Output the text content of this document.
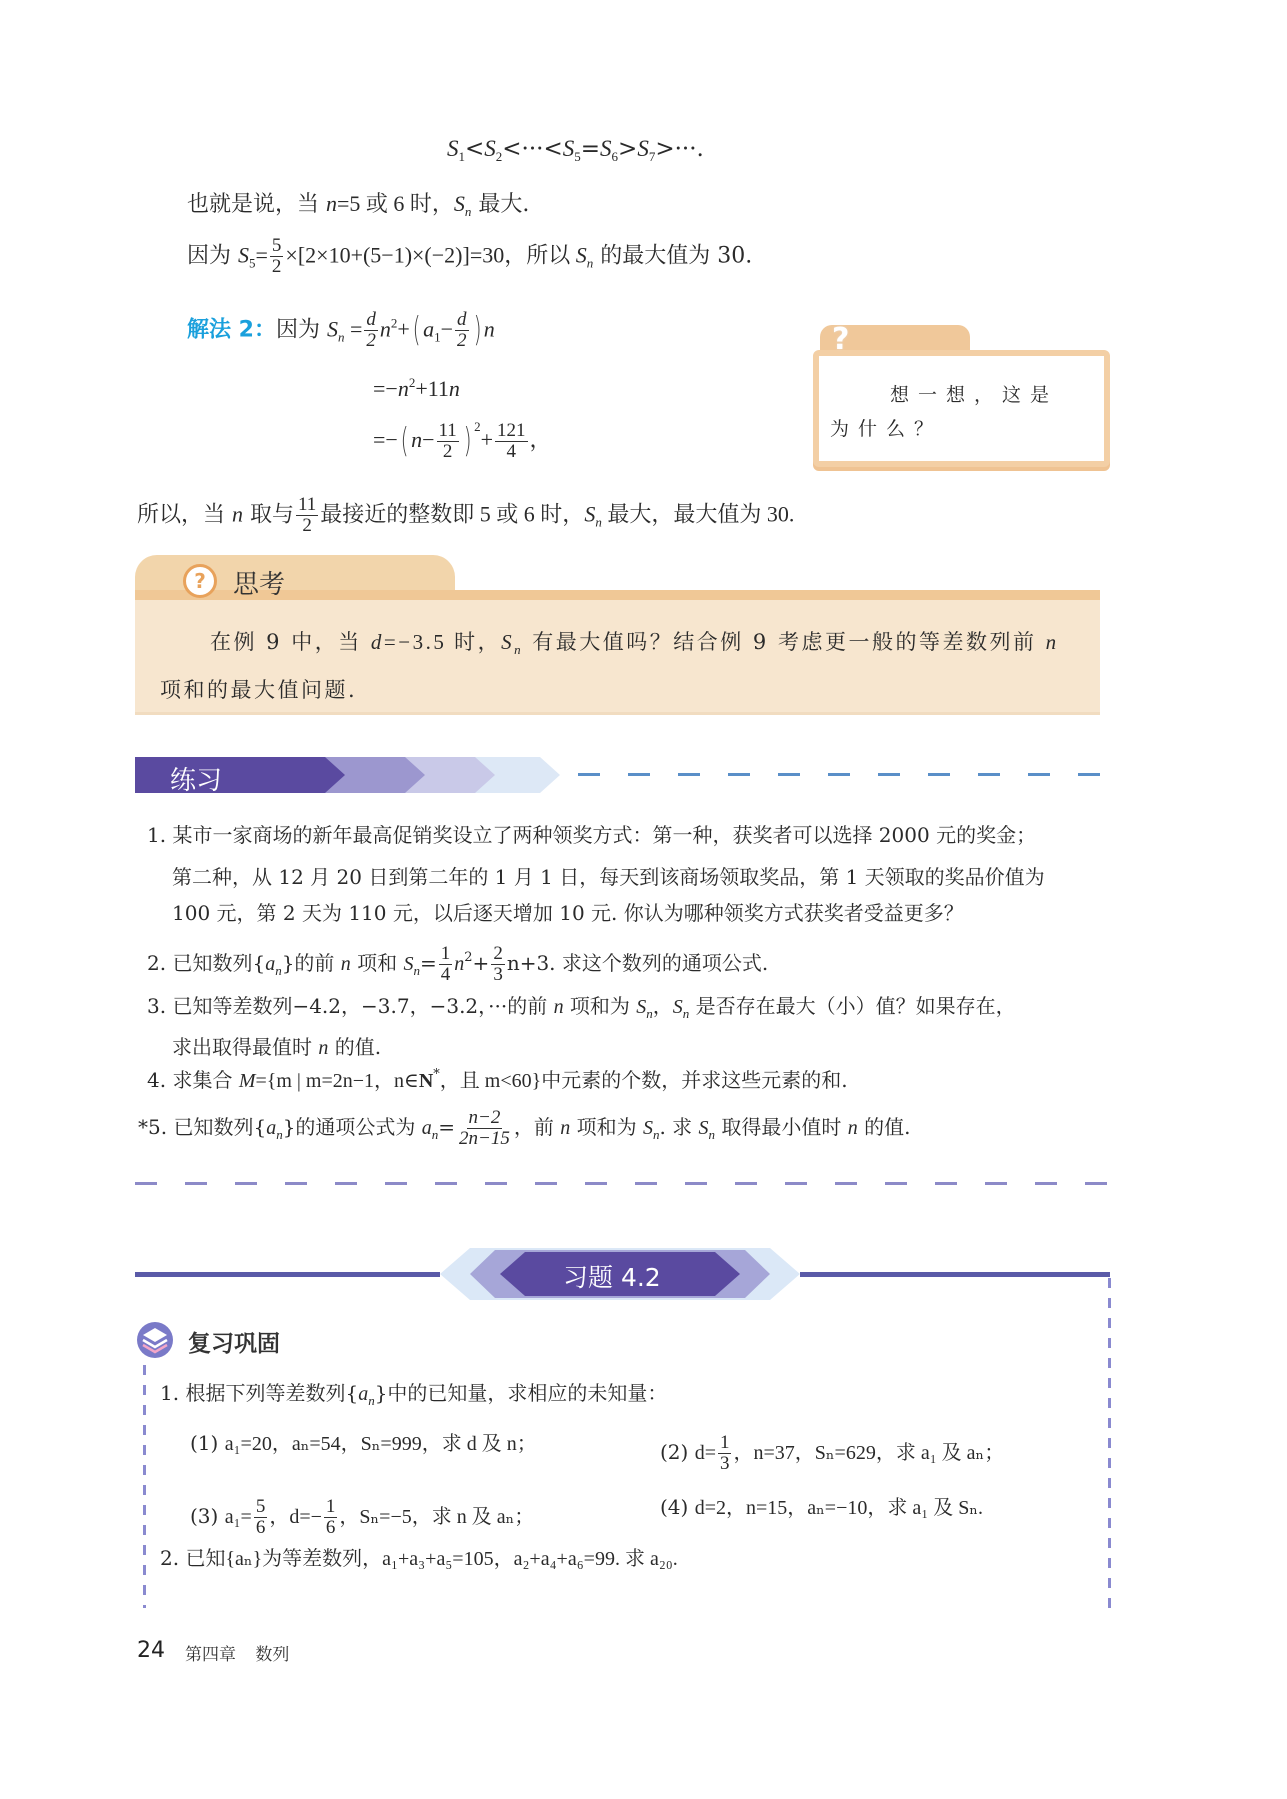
$S_1<S_2<\cdot\cdot\cdot<S_5=S_6>S_7>\cdot\cdot\cdot$.
也就是说，当 n=5 或 6 时，$S_n$ 最大.
因为 $S_5= \frac{5}{2} \times[2\times 10+(5-1)\times(-2)]=30$，所以 $S_n$ 的最大值为 30.
解法 2：因为 $S_n = \frac{d}{2} n^2+$( $a_1- \frac{d}{2}$ ) n
$=-n^2+11n$
=−( $n- \frac{11}{2}$ ) $^2+ \frac{121}{4}$ ，
?
想一想，这是为什么？
所以，当 n 取与 $\frac{11}{2}$ 最接近的整数即 5 或 6 时，$S_n$ 最大，最大值为 30.
?	思考
在例 9 中，当 d=−3.5 时，$S_n$ 有最大值吗？结合例 9 考虑更一般的等差数列前 n 项和的最大值问题.
练习
1. 某市一家商场的新年最高促销奖设立了两种领奖方式：第一种，获奖者可以选择 2000 元的奖金；
第二种，从 12 月 20 日到第二年的 1 月 1 日，每天到该商场领取奖品，第 1 天领取的奖品价值为
100 元，第 2 天为 110 元，以后逐天增加 10 元. 你认为哪种领奖方式获奖者受益更多？
2. 已知数列$\{a_n\}$的前 n 项和 $S_n= \frac{1}{4} n^2+ \frac{2}{3} n+3$. 求这个数列的通项公式.
3. 已知等差数列−4.2，−3.7，−3.2，···的前 n 项和为 $S_n$，$S_n$ 是否存在最大（小）值？如果存在，
求出取得最值时 n 的值.
4. 求集合 M={m | m=2n−1，n∈N*，且 m<60}中元素的个数，并求这些元素的和.
*5. 已知数列$\{a_n\}$的通项公式为 $a_n= \frac{n-2}{2n-15}$ ，前 n 项和为 $S_n$. 求 $S_n$ 取得最小值时 n 的值.
习题 4.2
复习巩固
1. 根据下列等差数列$\{a_n\}$中的已知量，求相应的未知量：
(1) a₁=20，aₙ=54，Sₙ=999，求 d 及 n；	(2) $d= \frac{1}{3}$ ，n=37，Sₙ=629，求 a₁ 及 aₙ；
(3) $a_1= \frac{5}{6}$ ，$d=- \frac{1}{6}$ ，Sₙ=−5，求 n 及 aₙ；	(4) d=2，n=15，aₙ=−10，求 a₁ 及 Sₙ.
2. 已知{aₙ}为等差数列，a₁+a₃+a₅=105，a₂+a₄+a₆=99. 求 a₂₀.
24 第四章 数列
